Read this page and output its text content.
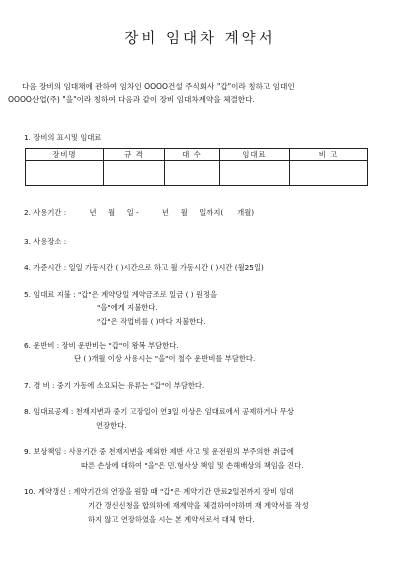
장비 임대차 계약서
다음 장비의 임대채에 관하여 임차인 OOOO건설 주식회사 "갑"이라 칭하고 임대인
OOOO산업(주) "을"이라 칭하여 다음과 같이 장비 임대차계약을 체결한다.
1. 장비의 표시및 임대료
장비명	규 격	대 수	임대료	비 고

2. 사용기간 :          년     월     일 -          년     월     일까지(      개월)
3. 사용장소 :
4. 가준시간 : 일일 가동시간 ( )시간으로 하고 월 가동시간 ( )시간 (월25일)
5. 임대료 지불 : "갑"은 계약당일 계약금조로 일금 ( ) 원정을
"을"에게 지불한다.
"갑"은 작업비를 ( )마다 지불한다.
6. 운반비 : 장비 운반비는 "갑"이 왕복 부담한다.
단 ( )개월 이상 사용시는 "을"이 철수 운반비를 부담한다.
7. 경 비 : 중기 가동에 소요되는 유류는 "갑"이 부담한다.
8. 임대료공제 : 천재지변과 중기 고장일이 연3일 이상은 임대료에서 공제하거나 무상
연장한다.
9. 보상책임 : 사용기간 중 천재지변을 제외한 제반 사고 및 운전원의 부주의한 취급에
따른 손상에 대하여 "을"은 민.형사상 책임 및 손해배상의 책임을 진다.
10. 계약갱신 : 계약기간의 연장을 원할 때 "갑"은 계약기간 만료2일전까지 장비 임대
기간 갱신신청을 합의하에 재계약을 체결하여야하며 재 계약서를 작성
하지 않고 연장하였을 시는 본 계약서로서 대체 한다.
